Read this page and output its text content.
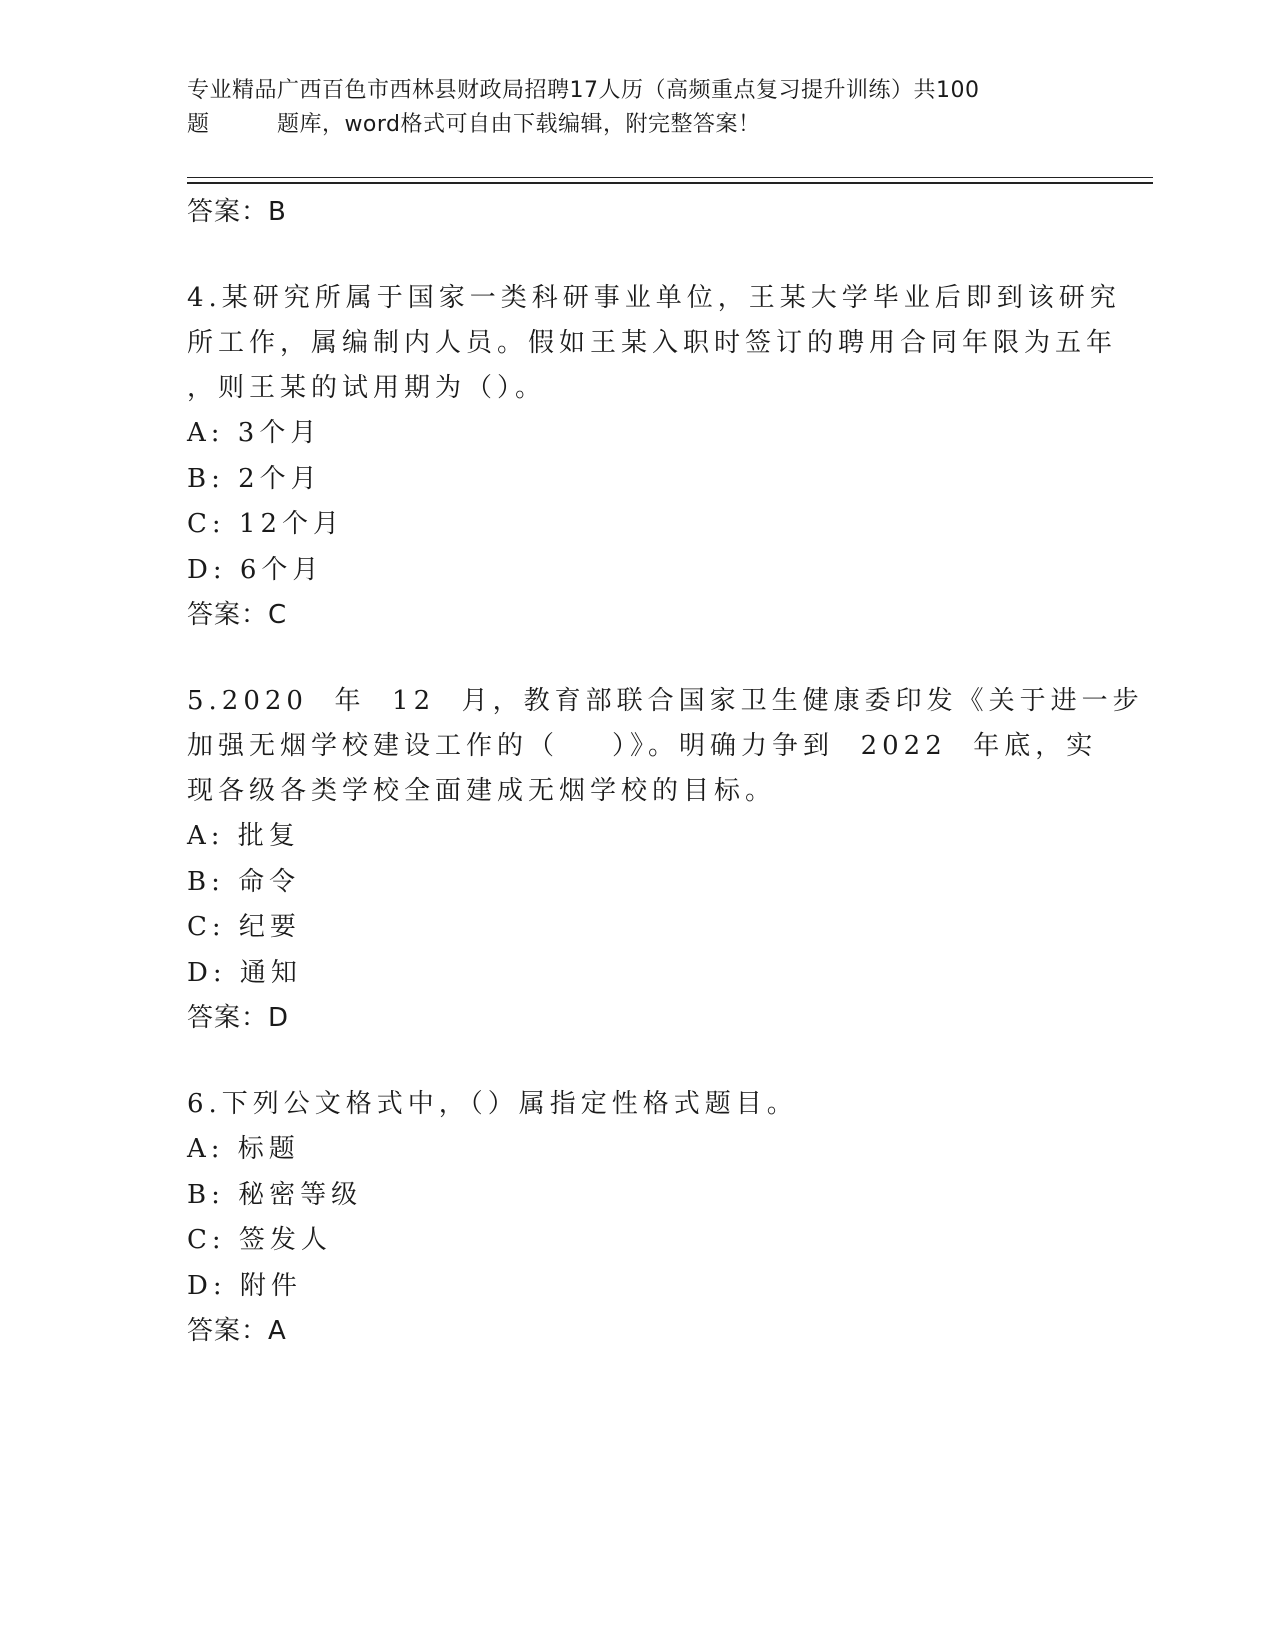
专业精品广西百色市西林县财政局招聘17人历（高频重点复习提升训练）共100
题         题库，word格式可自由下载编辑，附完整答案！
答案：B
4.某研究所属于国家一类科研事业单位，王某大学毕业后即到该研究
所工作，属编制内人员。假如王某入职时签订的聘用合同年限为五年
，则王某的试用期为（）。
A: 3个月
B: 2个月
C: 12个月
D: 6个月
答案：C
5.2020  年  12  月，教育部联合国家卫生健康委印发《关于进一步
加强无烟学校建设工作的（    ）》。明确力争到  2022  年底，实
现各级各类学校全面建成无烟学校的目标。
A: 批复
B: 命令
C: 纪要
D: 通知
答案：D
6.下列公文格式中，（）属指定性格式题目。
A: 标题
B: 秘密等级
C: 签发人
D: 附件
答案：A
